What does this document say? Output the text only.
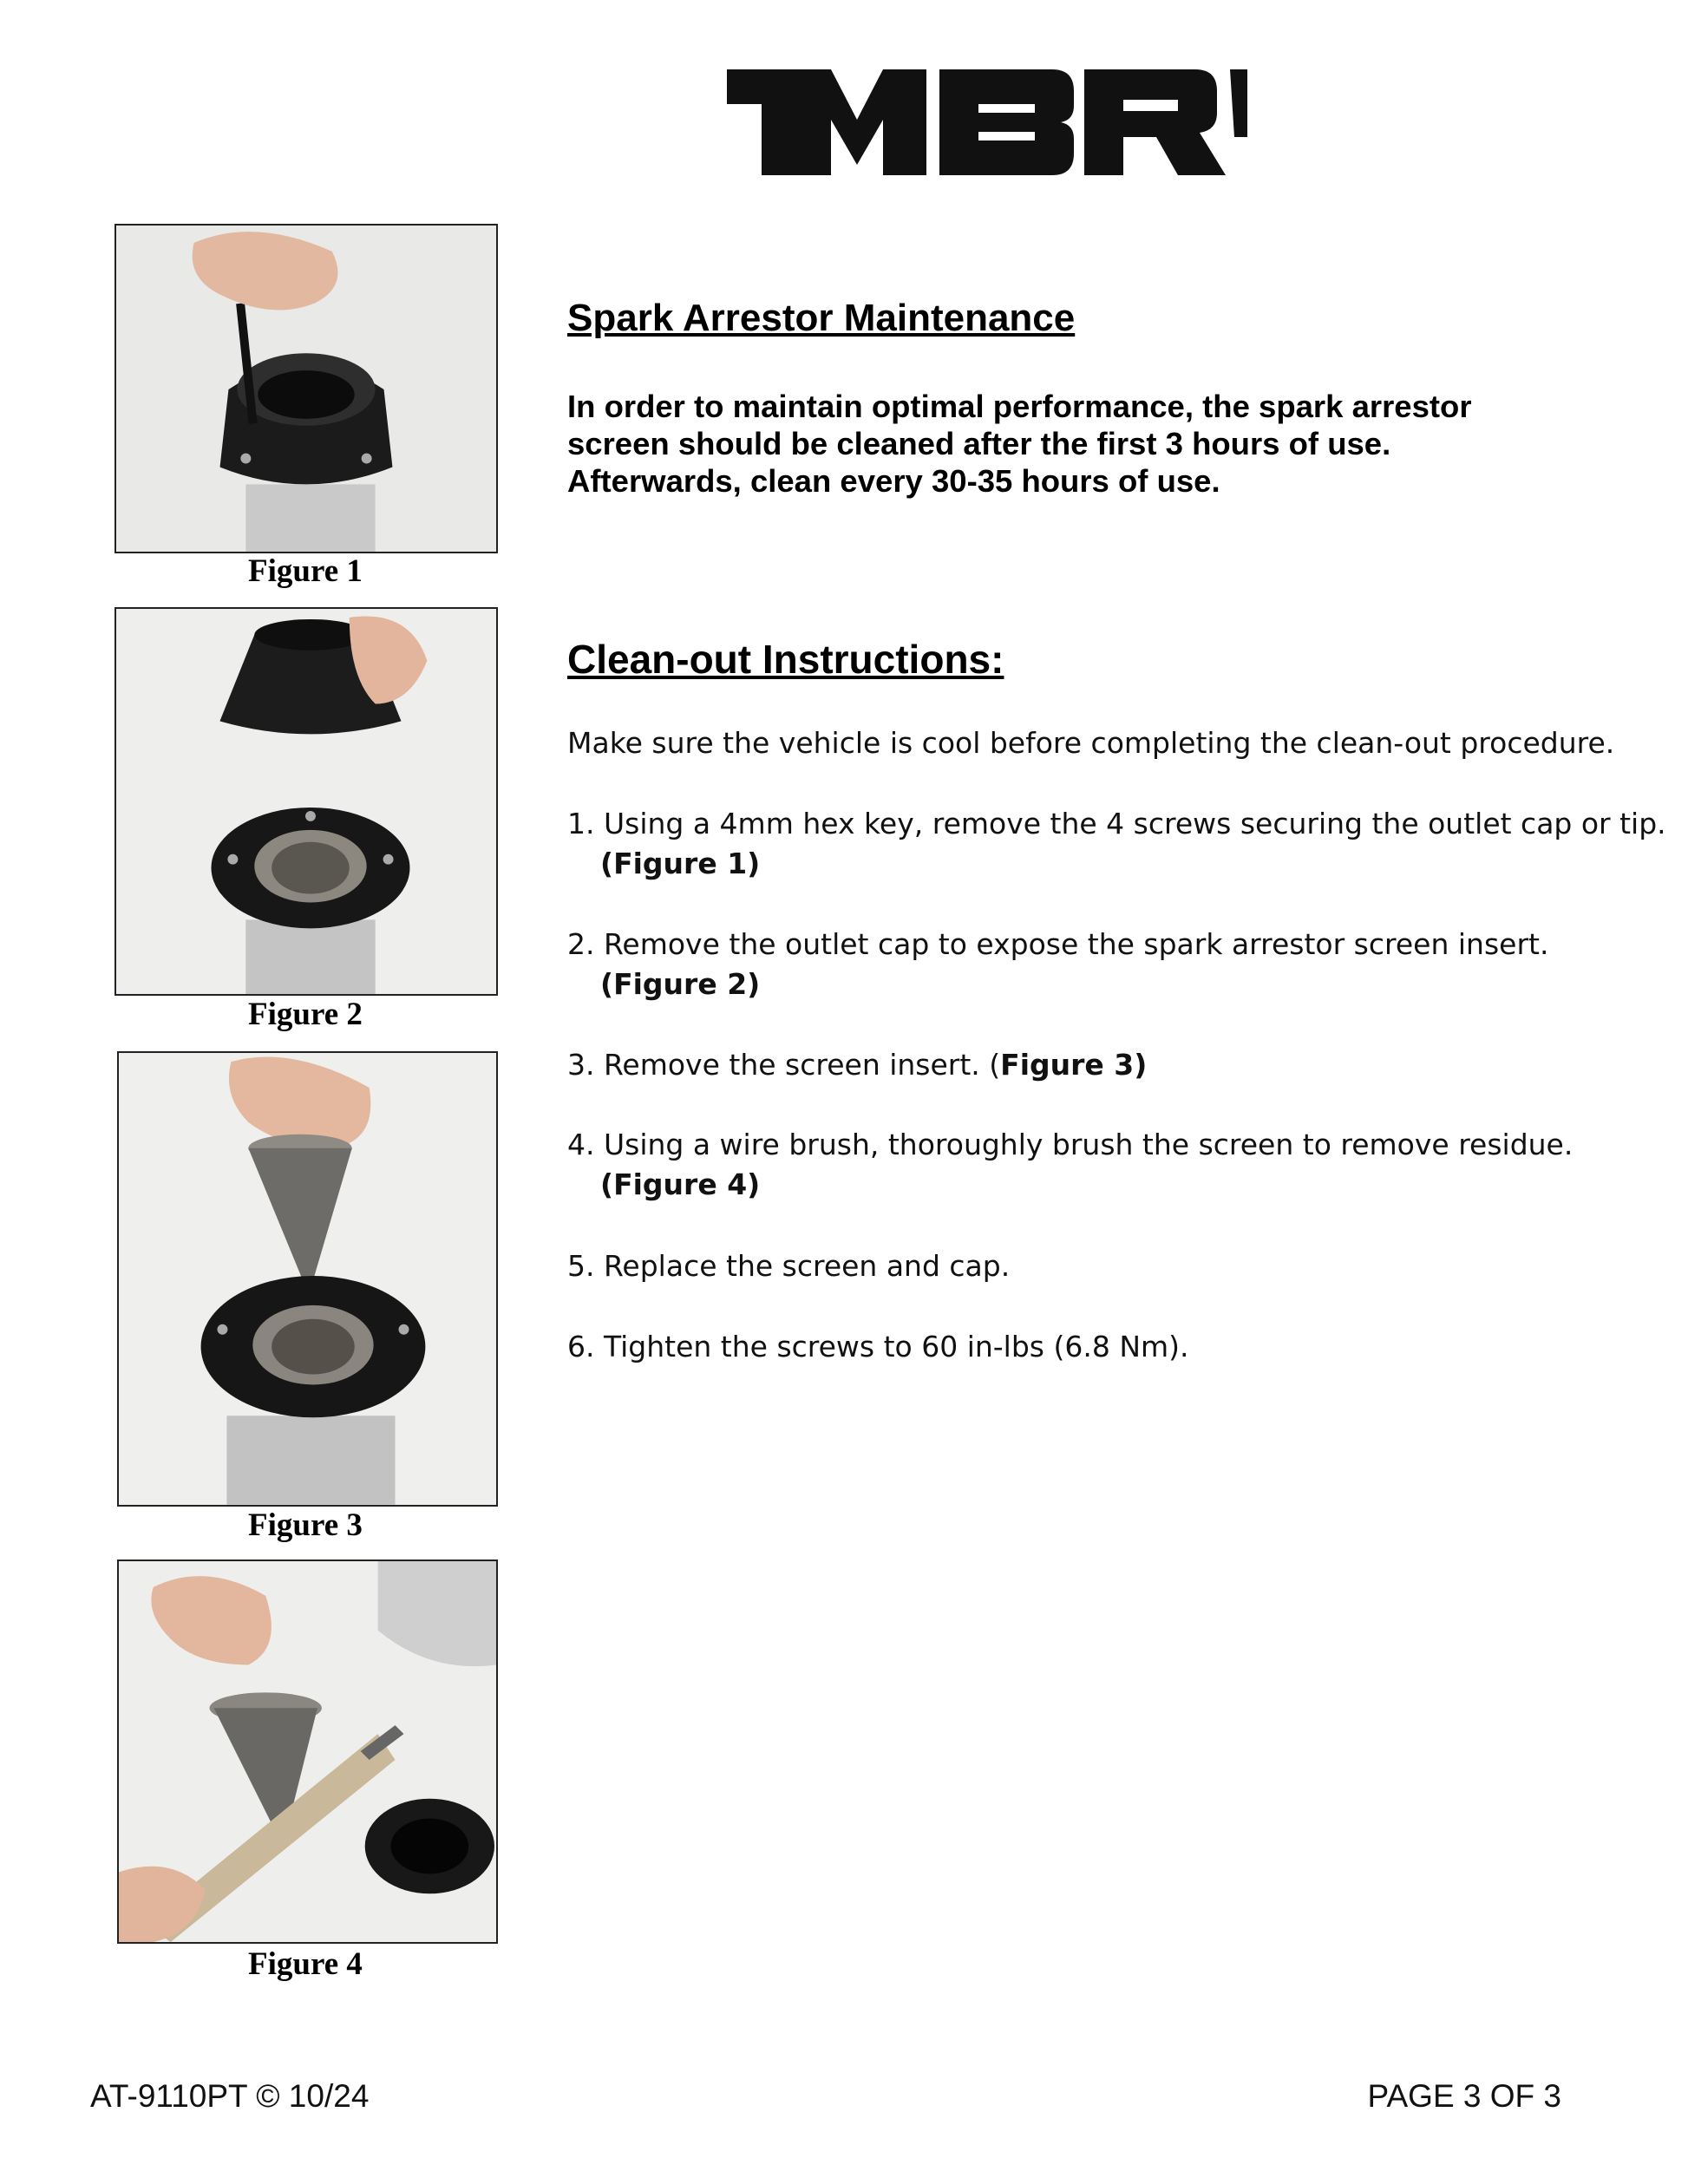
Figure 1
Figure 2
Figure 3
Figure 4
Spark Arrestor Maintenance

In order to maintain optimal performance, the spark arrestor

screen should be cleaned after the first 3 hours of use.

Afterwards, clean every 30-35 hours of use.

Clean-out Instructions:
Make sure the vehicle is cool before completing the clean-out procedure.
1. Using a 4mm hex key, remove the 4 screws securing the outlet cap or tip.
(Figure 1)
2. Remove the outlet cap to expose the spark arrestor screen insert.
(Figure 2)
3. Remove the screen insert. (Figure 3)
4. Using a wire brush, thoroughly brush the screen to remove residue.
(Figure 4)
5. Replace the screen and cap.
6. Tighten the screws to 60 in-lbs (6.8 Nm).
AT-9110PT © 10/24	PAGE 3 OF 3
